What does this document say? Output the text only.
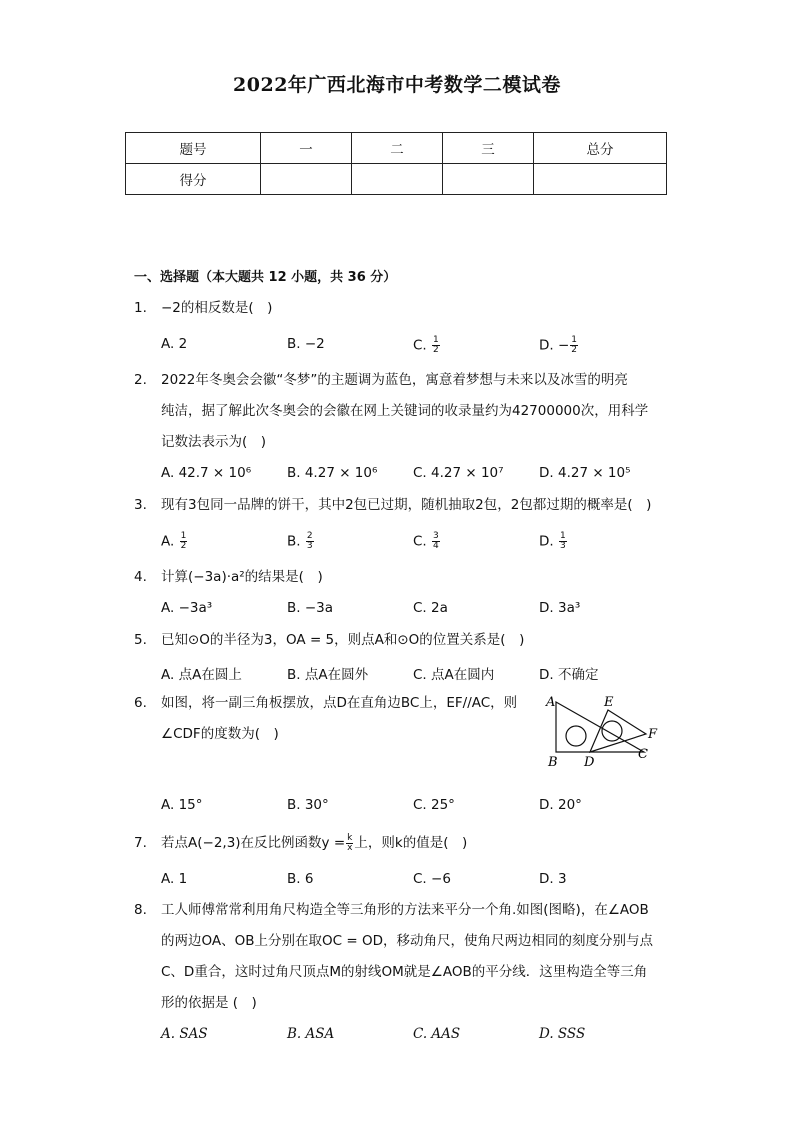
2022年广西北海市中考数学二模试卷
题号	一	二	三	总分
得分				
一、选择题（本大题共 12 小题，共 36 分）
1. −2的相反数是(　)
A. 2	B. −2	C. $\frac{1}{2}$	D. − $\frac{1}{2}$
2. 2022年冬奥会会徽“冬梦”的主题调为蓝色，寓意着梦想与未来以及冰雪的明亮
纯洁，据了解此次冬奥会的会徽在网上关键词的收录量约为42700000次，用科学
记数法表示为(　)
A. 42.7 × 10⁶	B. 4.27 × 10⁶	C. 4.27 × 10⁷	D. 4.27 × 10⁵
3. 现有3包同一品牌的饼干，其中2包已过期，随机抽取2包，2包都过期的概率是(　)
A. $\frac{1}{2}$	B. $\frac{2}{3}$	C. $\frac{3}{4}$	D. $\frac{1}{3}$
4. 计算(−3a)·a²的结果是(　)
A. −3a³	B. −3a	C. 2a	D. 3a³
5. 已知⊙O的半径为3，OA = 5，则点A和⊙O的位置关系是(　)
A. 点A在圆上	B. 点A在圆外	C. 点A在圆内	D. 不确定
6. 如图，将一副三角板摆放，点D在直角边BC上，EF//AC，则
∠CDF的度数为(　)
A	E
F
C
B D
A. 15°	B. 30°	C. 25°	D. 20°
7. 若点A(−2,3)在反比例函数$y = \frac{k}{x}$ 上，则k的值是(　)
A. 1	B. 6	C. −6	D. 3
8. 工人师傅常常利用角尺构造全等三角形的方法来平分一个角.如图(图略)，在∠AOB
的两边OA、OB上分别在取OC = OD，移动角尺，使角尺两边相同的刻度分别与点
C、D重合，这时过角尺顶点M的射线OM就是∠AOB的平分线．这里构造全等三角
形的依据是 (　)
A. SAS	B. ASA	C. AAS	D. SSS
